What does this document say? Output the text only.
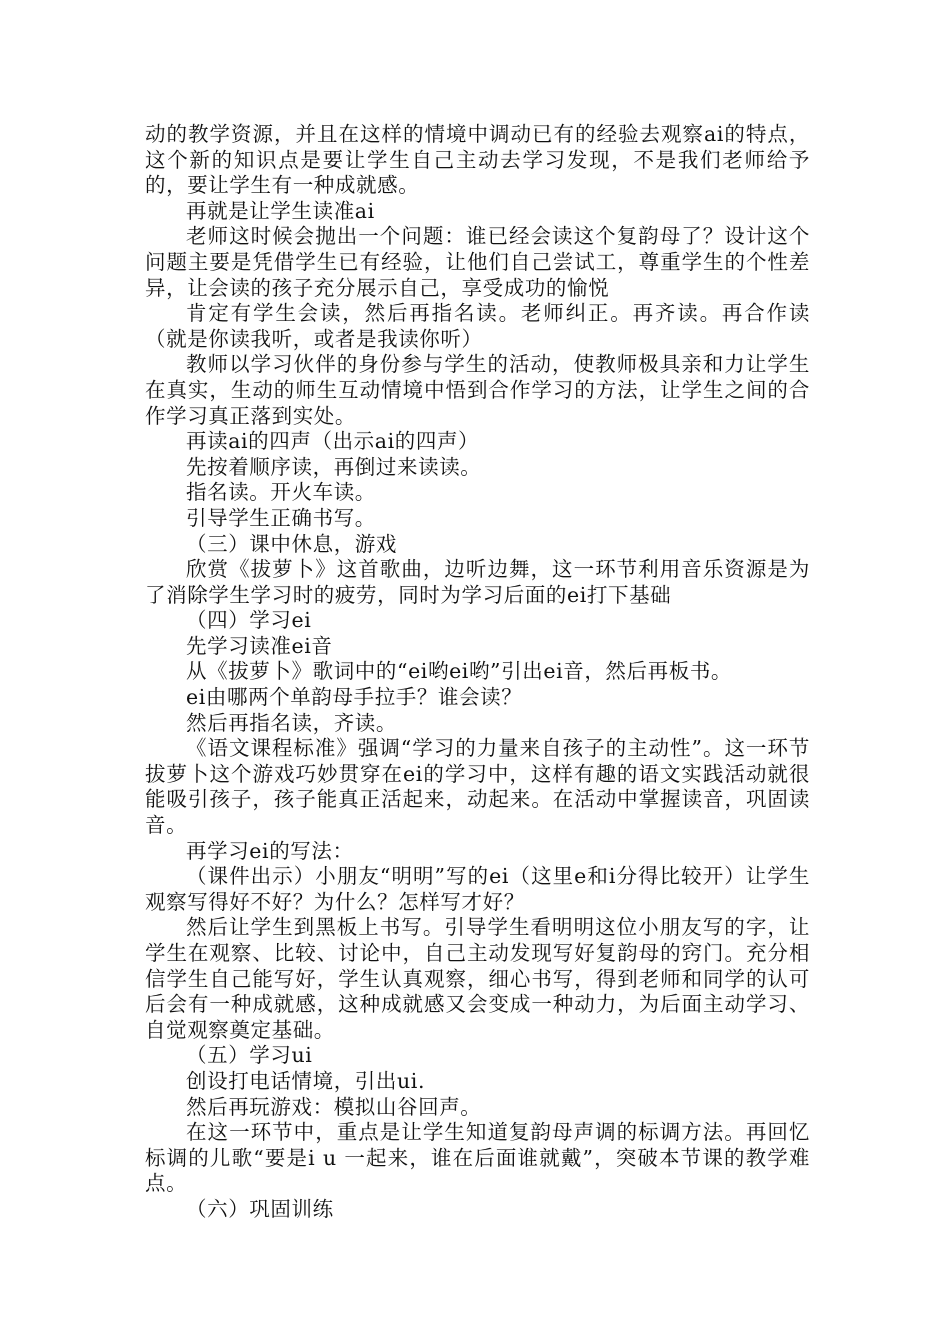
动的教学资源，并且在这样的情境中调动已有的经验去观察ai的特点，这个新的知识点是要让学生自己主动去学习发现，不是我们老师给予的，要让学生有一种成就感。

再就是让学生读准ai

老师这时候会抛出一个问题：谁已经会读这个复韵母了？设计这个问题主要是凭借学生已有经验，让他们自己尝试工，尊重学生的个性差异，让会读的孩子充分展示自己，享受成功的愉悦

肯定有学生会读，然后再指名读。老师纠正。再齐读。再合作读（就是你读我听，或者是我读你听）

教师以学习伙伴的身份参与学生的活动，使教师极具亲和力让学生在真实，生动的师生互动情境中悟到合作学习的方法，让学生之间的合作学习真正落到实处。

再读ai的四声（出示ai的四声）

先按着顺序读，再倒过来读读。

指名读。开火车读。

引导学生正确书写。

（三）课中休息，游戏

欣赏《拔萝卜》这首歌曲，边听边舞，这一环节利用音乐资源是为了消除学生学习时的疲劳，同时为学习后面的ei打下基础

（四）学习ei

先学习读准ei音

从《拔萝卜》歌词中的“ei哟ei哟”引出ei音，然后再板书。

ei由哪两个单韵母手拉手？谁会读？

然后再指名读，齐读。

《语文课程标准》强调“学习的力量来自孩子的主动性”。这一环节拔萝卜这个游戏巧妙贯穿在ei的学习中，这样有趣的语文实践活动就很能吸引孩子，孩子能真正活起来，动起来。在活动中掌握读音，巩固读音。

再学习ei的写法：

（课件出示）小朋友“明明”写的ei（这里e和i分得比较开）让学生观察写得好不好？为什么？怎样写才好？

然后让学生到黑板上书写。引导学生看明明这位小朋友写的字，让学生在观察、比较、讨论中，自己主动发现写好复韵母的窍门。充分相信学生自己能写好，学生认真观察，细心书写，得到老师和同学的认可后会有一种成就感，这种成就感又会变成一种动力，为后面主动学习、自觉观察奠定基础。

（五）学习ui

创设打电话情境，引出ui.

然后再玩游戏：模拟山谷回声。

在这一环节中，重点是让学生知道复韵母声调的标调方法。再回忆标调的儿歌“要是i u 一起来，谁在后面谁就戴”，突破本节课的教学难点。

（六）巩固训练
